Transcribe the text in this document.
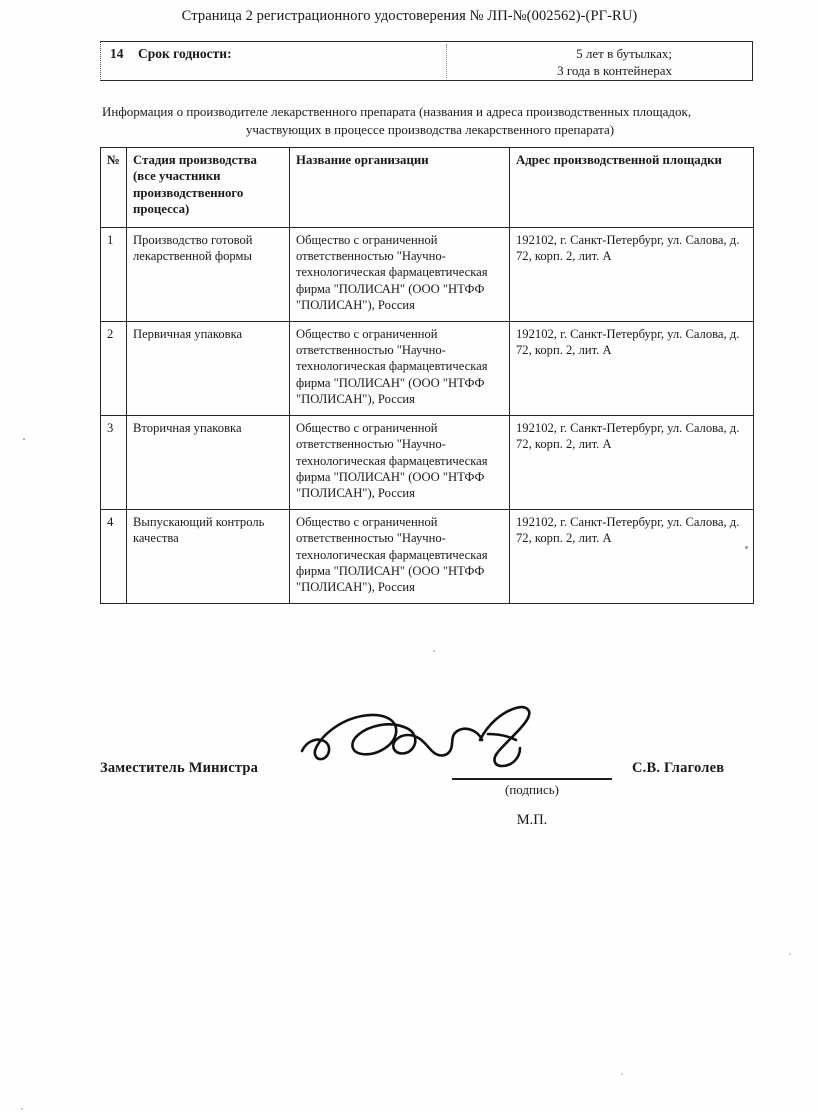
Страница 2 регистрационного удостоверения № ЛП-№(002562)-(РГ-RU)
14 Срок годности:	5 лет в бутылках;
3 года в контейнерах
Информация о производителе лекарственного препарата (названия и адреса производственных площадок,
участвующих в процессе производства лекарственного препарата)
№	Стадия производства
(все участники
производственного
процесса)	Название организации	Адрес производственной площадки
1	Производство готовой лекарственной формы	Общество с ограниченной ответственностью "Научно-технологическая фармацевтическая фирма "ПОЛИСАН" (ООО "НТФФ "ПОЛИСАН"), Россия	192102, г. Санкт-Петербург, ул. Салова, д. 72, корп. 2, лит. А
2	Первичная упаковка	Общество с ограниченной ответственностью "Научно-технологическая фармацевтическая фирма "ПОЛИСАН" (ООО "НТФФ "ПОЛИСАН"), Россия	192102, г. Санкт-Петербург, ул. Салова, д. 72, корп. 2, лит. А
3	Вторичная упаковка	Общество с ограниченной ответственностью "Научно-технологическая фармацевтическая фирма "ПОЛИСАН" (ООО "НТФФ "ПОЛИСАН"), Россия	192102, г. Санкт-Петербург, ул. Салова, д. 72, корп. 2, лит. А
4	Выпускающий контроль качества	Общество с ограниченной ответственностью "Научно-технологическая фармацевтическая фирма "ПОЛИСАН" (ООО "НТФФ "ПОЛИСАН"), Россия	192102, г. Санкт-Петербург, ул. Салова, д. 72, корп. 2, лит. А
Заместитель Министра
(подпись)
С.В. Глаголев
М.П.
